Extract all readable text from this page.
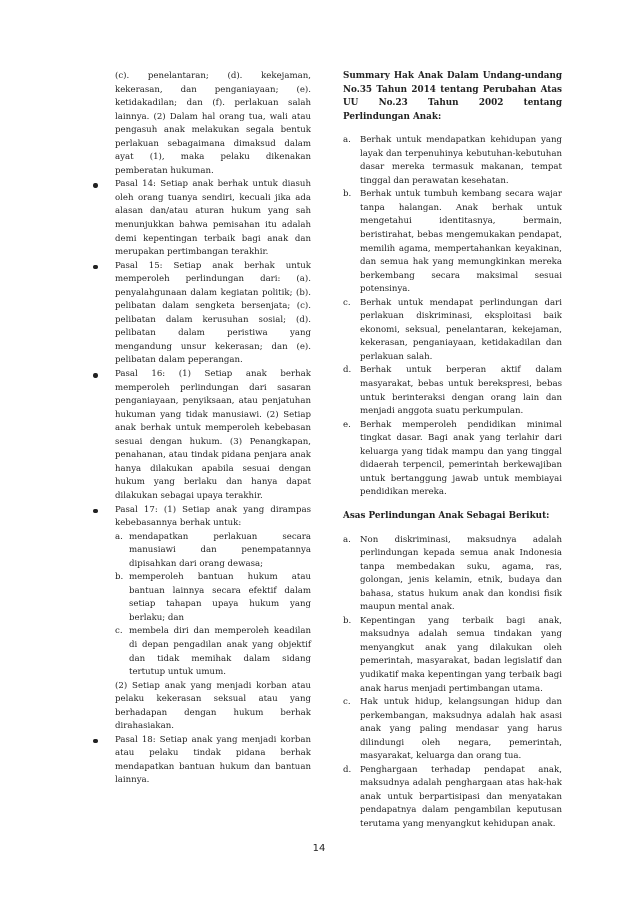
(c). penelantaran; (d). kekejaman, kekerasan, dan penganiayaan; (e). ketidakadilan; dan (f). perlakuan salah lainnya. (2) Dalam hal orang tua, wali atau pengasuh anak melakukan segala bentuk perlakuan sebagaimana dimaksud dalam ayat (1), maka pelaku dikenakan pemberatan hukuman.

Pasal 14: Setiap anak berhak untuk diasuh oleh orang tuanya sendiri, kecuali jika ada alasan dan/atau aturan hukum yang sah menunjukkan bahwa pemisahan itu adalah demi kepentingan terbaik bagi anak dan merupakan pertimbangan terakhir.

Pasal 15: Setiap anak berhak untuk memperoleh perlindungan dari: (a). penyalahgunaan dalam kegiatan politik; (b). pelibatan dalam sengketa bersenjata; (c). pelibatan dalam kerusuhan sosial; (d). pelibatan dalam peristiwa yang mengandung unsur kekerasan; dan (e). pelibatan dalam peperangan.

Pasal 16: (1) Setiap anak berhak memperoleh perlindungan dari sasaran penganiayaan, penyiksaan, atau penjatuhan hukuman yang tidak manusiawi. (2) Setiap anak berhak untuk memperoleh kebebasan sesuai dengan hukum. (3) Penangkapan, penahanan, atau tindak pidana penjara anak hanya dilakukan apabila sesuai dengan hukum yang berlaku dan hanya dapat dilakukan sebagai upaya terakhir.

Pasal 17: (1) Setiap anak yang dirampas kebebasannya berhak untuk:

a. mendapatkan perlakuan secara manusiawi dan penempatannya dipisahkan dari orang dewasa;

b. memperoleh bantuan hukum atau bantuan lainnya secara efektif dalam setiap tahapan upaya hukum yang berlaku; dan

c. membela diri dan memperoleh keadilan di depan pengadilan anak yang objektif dan tidak memihak dalam sidang tertutup untuk umum.

(2) Setiap anak yang menjadi korban atau pelaku kekerasan seksual atau yang berhadapan dengan hukum berhak dirahasiakan.

Pasal 18: Setiap anak yang menjadi korban atau pelaku tindak pidana berhak mendapatkan bantuan hukum dan bantuan lainnya.

Summary Hak Anak Dalam Undang-undang No.35 Tahun 2014 tentang Perubahan Atas UU No.23 Tahun 2002 tentang Perlindungan Anak:

a. Berhak untuk mendapatkan kehidupan yang layak dan terpenuhinya kebutuhan-kebutuhan dasar mereka termasuk makanan, tempat tinggal dan perawatan kesehatan.

b. Berhak untuk tumbuh kembang secara wajar tanpa halangan. Anak berhak untuk mengetahui identitasnya, bermain, beristirahat, bebas mengemukakan pendapat, memilih agama, mempertahankan keyakinan, dan semua hak yang memungkinkan mereka berkembang secara maksimal sesuai potensinya.

c. Berhak untuk mendapat perlindungan dari perlakuan diskriminasi, eksploitasi baik ekonomi, seksual, penelantaran, kekejaman, kekerasan, penganiayaan, ketidakadilan dan perlakuan salah.

d. Berhak untuk berperan aktif dalam masyarakat, bebas untuk berekspresi, bebas untuk berinteraksi dengan orang lain dan menjadi anggota suatu perkumpulan.

e. Berhak memperoleh pendidikan minimal tingkat dasar. Bagi anak yang terlahir dari keluarga yang tidak mampu dan yang tinggal didaerah terpencil, pemerintah berkewajiban untuk bertanggung jawab untuk membiayai pendidikan mereka.

Asas Perlindungan Anak Sebagai Berikut:

a. Non diskriminasi, maksudnya adalah perlindungan kepada semua anak Indonesia tanpa membedakan suku, agama, ras, golongan, jenis kelamin, etnik, budaya dan bahasa, status hukum anak dan kondisi fisik maupun mental anak.

b. Kepentingan yang terbaik bagi anak, maksudnya adalah semua tindakan yang menyangkut anak yang dilakukan oleh pemerintah, masyarakat, badan legislatif dan yudikatif maka kepentingan yang terbaik bagi anak harus menjadi pertimbangan utama.

c. Hak untuk hidup, kelangsungan hidup dan perkembangan, maksudnya adalah hak asasi anak yang paling mendasar yang harus dilindungi oleh negara, pemerintah, masyarakat, keluarga dan orang tua.

d. Penghargaan terhadap pendapat anak, maksudnya adalah penghargaan atas hak-hak anak untuk berpartisipasi dan menyatakan pendapatnya dalam pengambilan keputusan terutama yang menyangkut kehidupan anak.

14
